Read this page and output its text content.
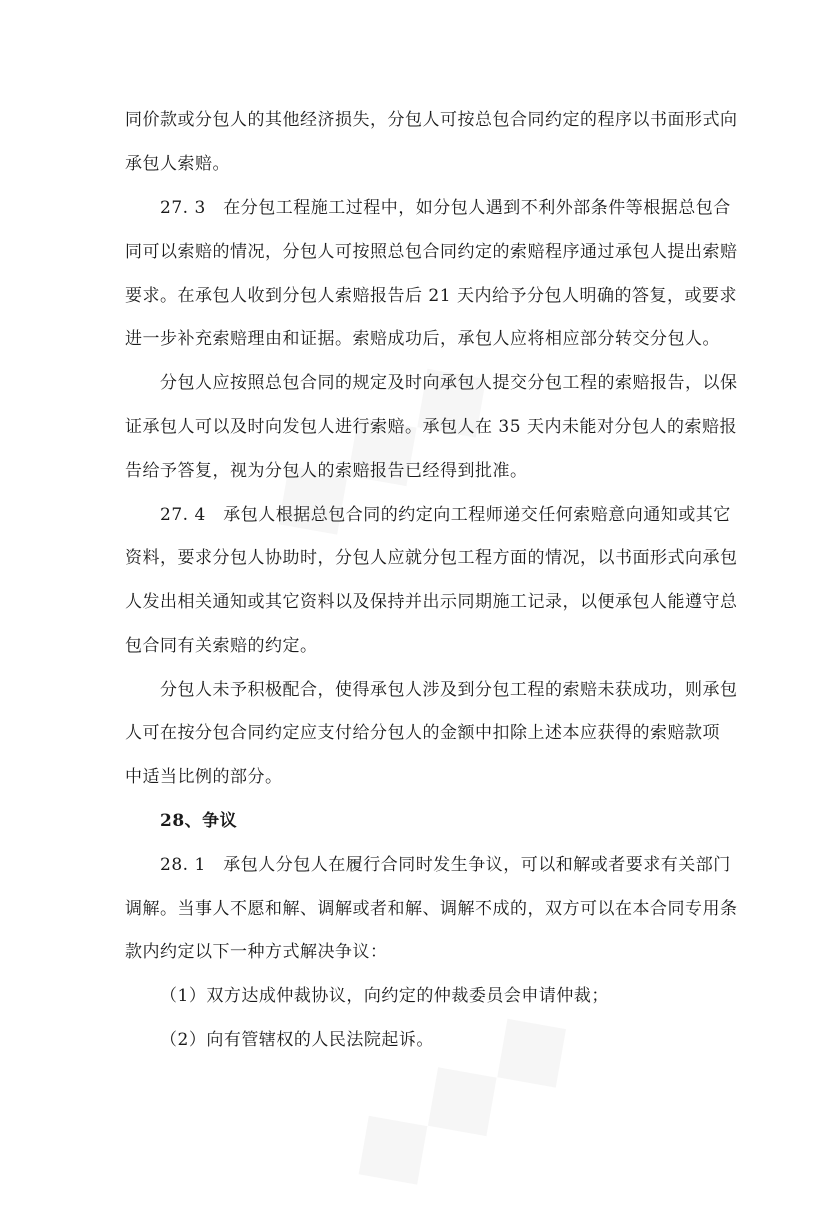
同价款或分包人的其他经济损失，分包人可按总包合同约定的程序以书面形式向
承包人索赔。
27. 3　在分包工程施工过程中，如分包人遇到不利外部条件等根据总包合
同可以索赔的情况，分包人可按照总包合同约定的索赔程序通过承包人提出索赔
要求。在承包人收到分包人索赔报告后 21 天内给予分包人明确的答复，或要求
进一步补充索赔理由和证据。索赔成功后，承包人应将相应部分转交分包人。
分包人应按照总包合同的规定及时向承包人提交分包工程的索赔报告，以保
证承包人可以及时向发包人进行索赔。承包人在 35 天内未能对分包人的索赔报
告给予答复，视为分包人的索赔报告已经得到批准。
27. 4　承包人根据总包合同的约定向工程师递交任何索赔意向通知或其它
资料，要求分包人协助时，分包人应就分包工程方面的情况，以书面形式向承包
人发出相关通知或其它资料以及保持并出示同期施工记录，以便承包人能遵守总
包合同有关索赔的约定。
分包人未予积极配合，使得承包人涉及到分包工程的索赔未获成功，则承包
人可在按分包合同约定应支付给分包人的金额中扣除上述本应获得的索赔款项
中适当比例的部分。
28、争议
28. 1　承包人分包人在履行合同时发生争议，可以和解或者要求有关部门
调解。当事人不愿和解、调解或者和解、调解不成的，双方可以在本合同专用条
款内约定以下一种方式解决争议：
（1）双方达成仲裁协议，向约定的仲裁委员会申请仲裁；
（2）向有管辖权的人民法院起诉。
